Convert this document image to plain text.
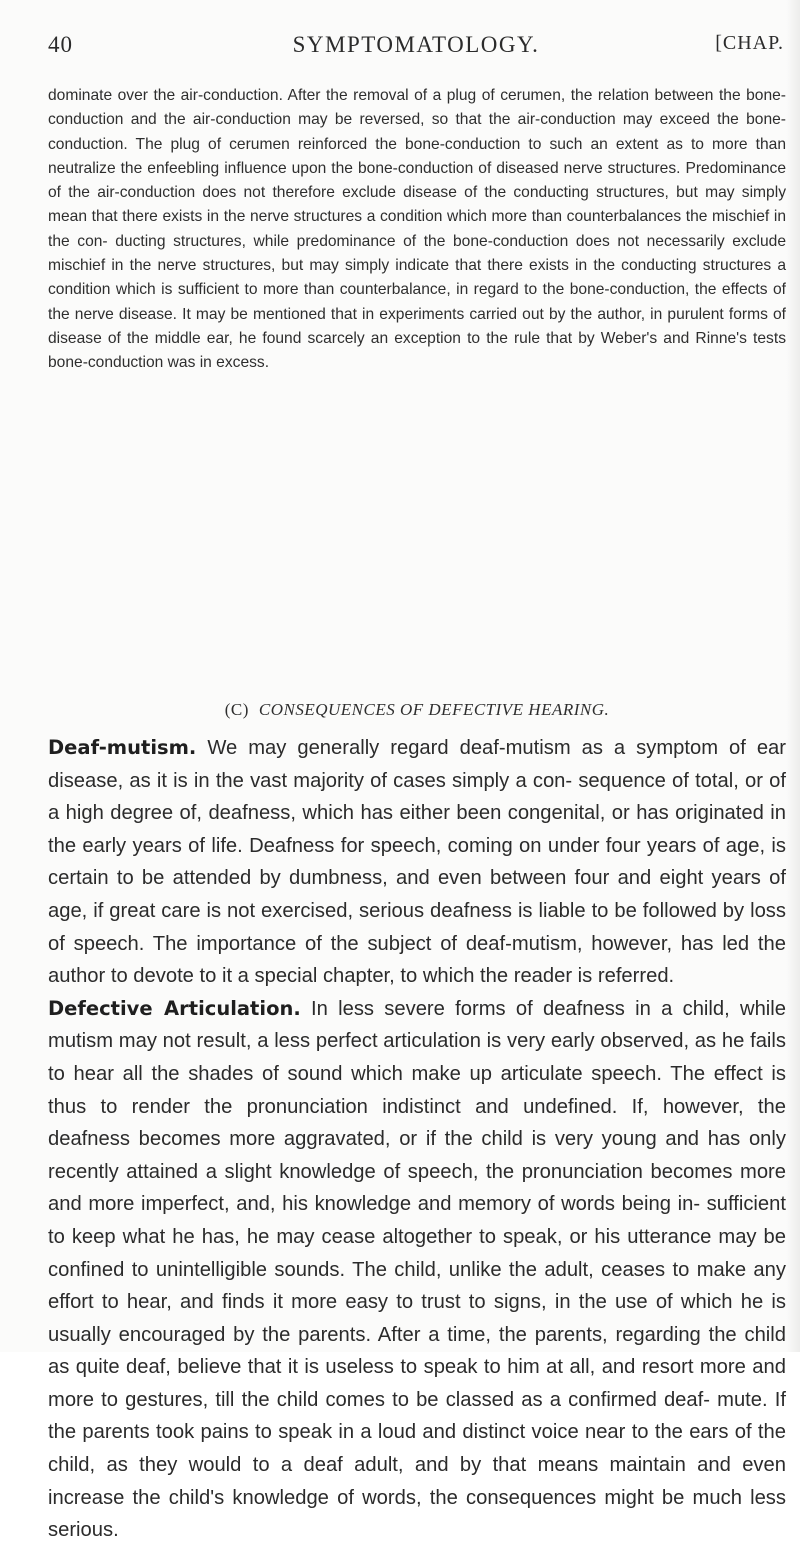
40	SYMPTOMATOLOGY.	[CHAP.
dominate over the air-conduction. After the removal of a plug of cerumen, the relation between the bone-conduction and the air-conduction may be reversed, so that the air-conduction may exceed the bone-conduction. The plug of cerumen reinforced the bone-conduction to such an extent as to more than neutralize the enfeebling influence upon the bone-conduction of diseased nerve structures. Predominance of the air-conduction does not therefore exclude disease of the conducting structures, but may simply mean that there exists in the nerve structures a condition which more than counterbalances the mischief in the con- ducting structures, while predominance of the bone-conduction does not necessarily exclude mischief in the nerve structures, but may simply indicate that there exists in the conducting structures a condition which is sufficient to more than counterbalance, in regard to the bone-conduction, the effects of the nerve disease. It may be mentioned that in experiments carried out by the author, in purulent forms of disease of the middle ear, he found scarcely an exception to the rule that by Weber's and Rinne's tests bone-conduction was in excess.
(C) CONSEQUENCES OF DEFECTIVE HEARING.

Deaf-mutism. We may generally regard deaf-mutism as a symptom of ear disease, as it is in the vast majority of cases simply a con- sequence of total, or of a high degree of, deafness, which has either been congenital, or has originated in the early years of life. Deafness for speech, coming on under four years of age, is certain to be attended by dumbness, and even between four and eight years of age, if great care is not exercised, serious deafness is liable to be followed by loss of speech. The importance of the subject of deaf-mutism, however, has led the author to devote to it a special chapter, to which the reader is referred.

Defective Articulation. In less severe forms of deafness in a child, while mutism may not result, a less perfect articulation is very early observed, as he fails to hear all the shades of sound which make up articulate speech. The effect is thus to render the pronunciation indistinct and undefined. If, however, the deafness becomes more aggravated, or if the child is very young and has only recently attained a slight knowledge of speech, the pronunciation becomes more and more imperfect, and, his knowledge and memory of words being in- sufficient to keep what he has, he may cease altogether to speak, or his utterance may be confined to unintelligible sounds. The child, unlike the adult, ceases to make any effort to hear, and finds it more easy to trust to signs, in the use of which he is usually encouraged by the parents. After a time, the parents, regarding the child as quite deaf, believe that it is useless to speak to him at all, and resort more and more to gestures, till the child comes to be classed as a confirmed deaf- mute. If the parents took pains to speak in a loud and distinct voice near to the ears of the child, as they would to a deaf adult, and by that means maintain and even increase the child's knowledge of words, the consequences might be much less serious.
